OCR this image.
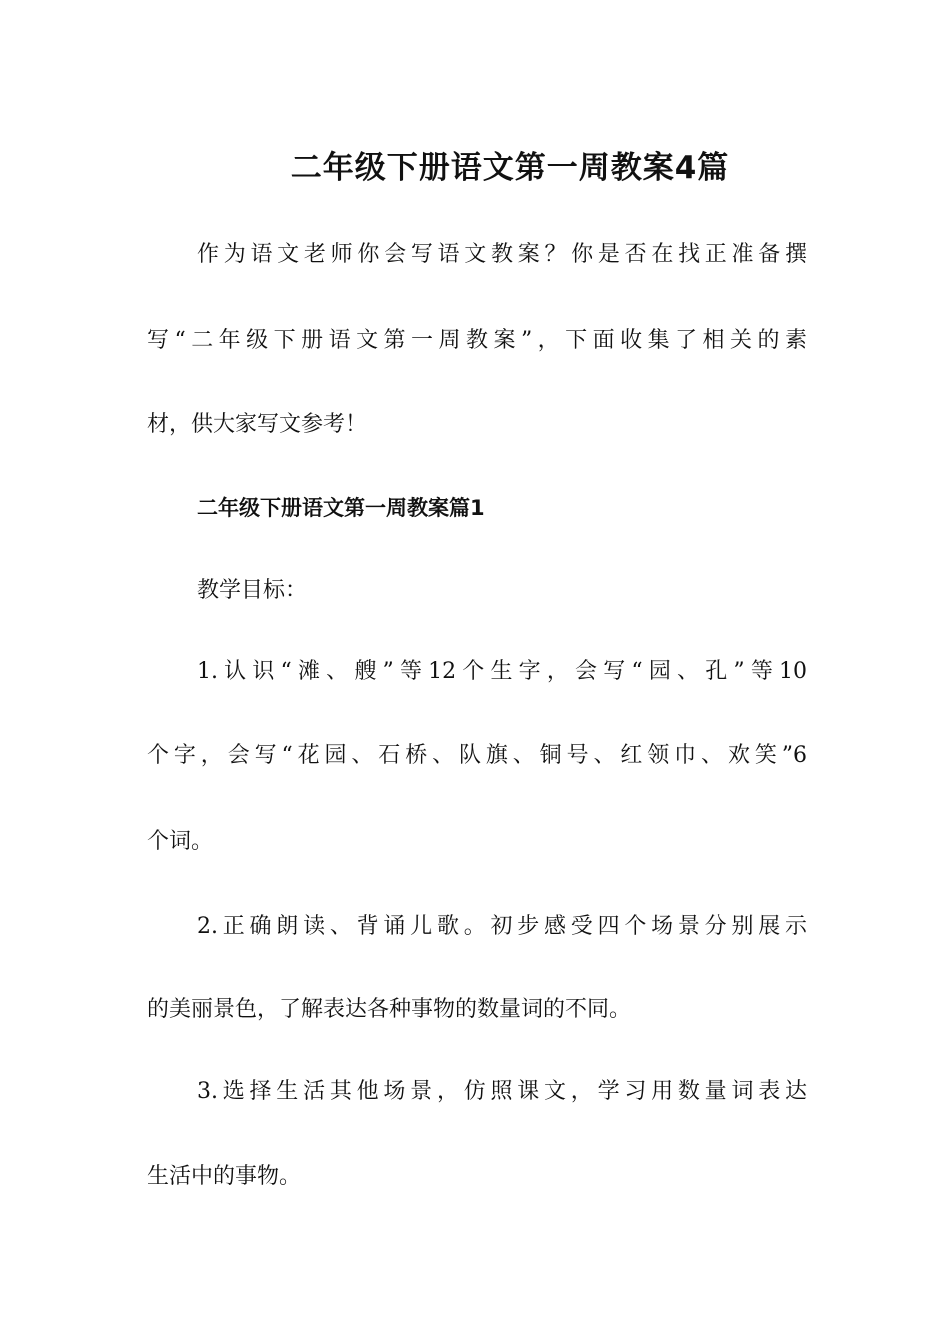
二年级下册语文第一周教案4篇
作为语文老师你会写语文教案？你是否在找正准备撰
写“二年级下册语文第一周教案”，下面收集了相关的素
材，供大家写文参考！
二年级下册语文第一周教案篇1
教学目标：
1.认识“滩、艘”等12个生字，会写“园、孔”等10
个字，会写“花园、石桥、队旗、铜号、红领巾、欢笑”6
个词。
2.正确朗读、背诵儿歌。初步感受四个场景分别展示
的美丽景色，了解表达各种事物的数量词的不同。
3.选择生活其他场景，仿照课文，学习用数量词表达
生活中的事物。
